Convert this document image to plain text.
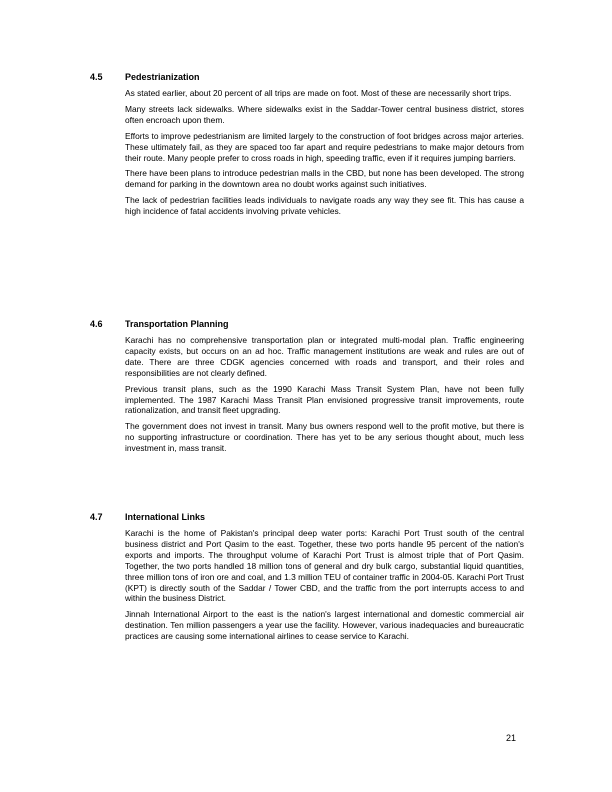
4.5 Pedestrianization
As stated earlier, about 20 percent of all trips are made on foot. Most of these are necessarily short trips.
Many streets lack sidewalks. Where sidewalks exist in the Saddar-Tower central business district, stores often encroach upon them.
Efforts to improve pedestrianism are limited largely to the construction of foot bridges across major arteries. These ultimately fail, as they are spaced too far apart and require pedestrians to make major detours from their route. Many people prefer to cross roads in high, speeding traffic, even if it requires jumping barriers.
There have been plans to introduce pedestrian malls in the CBD, but none has been developed. The strong demand for parking in the downtown area no doubt works against such initiatives.
The lack of pedestrian facilities leads individuals to navigate roads any way they see fit. This has cause a high incidence of fatal accidents involving private vehicles.
4.6 Transportation Planning
Karachi has no comprehensive transportation plan or integrated multi-modal plan. Traffic engineering capacity exists, but occurs on an ad hoc. Traffic management institutions are weak and rules are out of date. There are three CDGK agencies concerned with roads and transport, and their roles and responsibilities are not clearly defined.
Previous transit plans, such as the 1990 Karachi Mass Transit System Plan, have not been fully implemented. The 1987 Karachi Mass Transit Plan envisioned progressive transit improvements, route rationalization, and transit fleet upgrading.
The government does not invest in transit. Many bus owners respond well to the profit motive, but there is no supporting infrastructure or coordination. There has yet to be any serious thought about, much less investment in, mass transit.
4.7 International Links
Karachi is the home of Pakistan's principal deep water ports: Karachi Port Trust south of the central business district and Port Qasim to the east. Together, these two ports handle 95 percent of the nation's exports and imports. The throughput volume of Karachi Port Trust is almost triple that of Port Qasim. Together, the two ports handled 18 million tons of general and dry bulk cargo, substantial liquid quantities, three million tons of iron ore and coal, and 1.3 million TEU of container traffic in 2004-05. Karachi Port Trust (KPT) is directly south of the Saddar / Tower CBD, and the traffic from the port interrupts access to and within the business District.
Jinnah International Airport to the east is the nation's largest international and domestic commercial air destination. Ten million passengers a year use the facility. However, various inadequacies and bureaucratic practices are causing some international airlines to cease service to Karachi.
21
